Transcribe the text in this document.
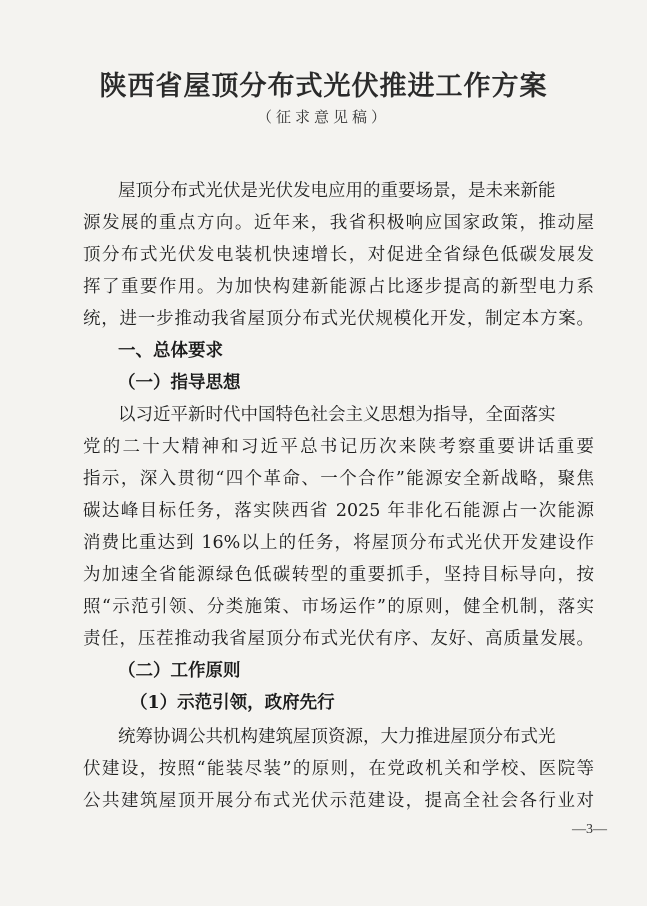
陕西省屋顶分布式光伏推进工作方案
（征求意见稿）
屋顶分布式光伏是光伏发电应用的重要场景，是未来新能
源发展的重点方向。近年来，我省积极响应国家政策，推动屋
顶分布式光伏发电装机快速增长，对促进全省绿色低碳发展发
挥了重要作用。为加快构建新能源占比逐步提高的新型电力系
统，进一步推动我省屋顶分布式光伏规模化开发，制定本方案。
一、总体要求
（一）指导思想
以习近平新时代中国特色社会主义思想为指导，全面落实
党的二十大精神和习近平总书记历次来陕考察重要讲话重要
指示，深入贯彻“四个革命、一个合作”能源安全新战略，聚焦
碳达峰目标任务，落实陕西省 2025 年非化石能源占一次能源
消费比重达到 16%以上的任务，将屋顶分布式光伏开发建设作
为加速全省能源绿色低碳转型的重要抓手，坚持目标导向，按
照“示范引领、分类施策、市场运作”的原则，健全机制，落实
责任，压茬推动我省屋顶分布式光伏有序、友好、高质量发展。
（二）工作原则
（1）示范引领，政府先行
统筹协调公共机构建筑屋顶资源，大力推进屋顶分布式光
伏建设，按照“能装尽装”的原则，在党政机关和学校、医院等
公共建筑屋顶开展分布式光伏示范建设，提高全社会各行业对
—3—
